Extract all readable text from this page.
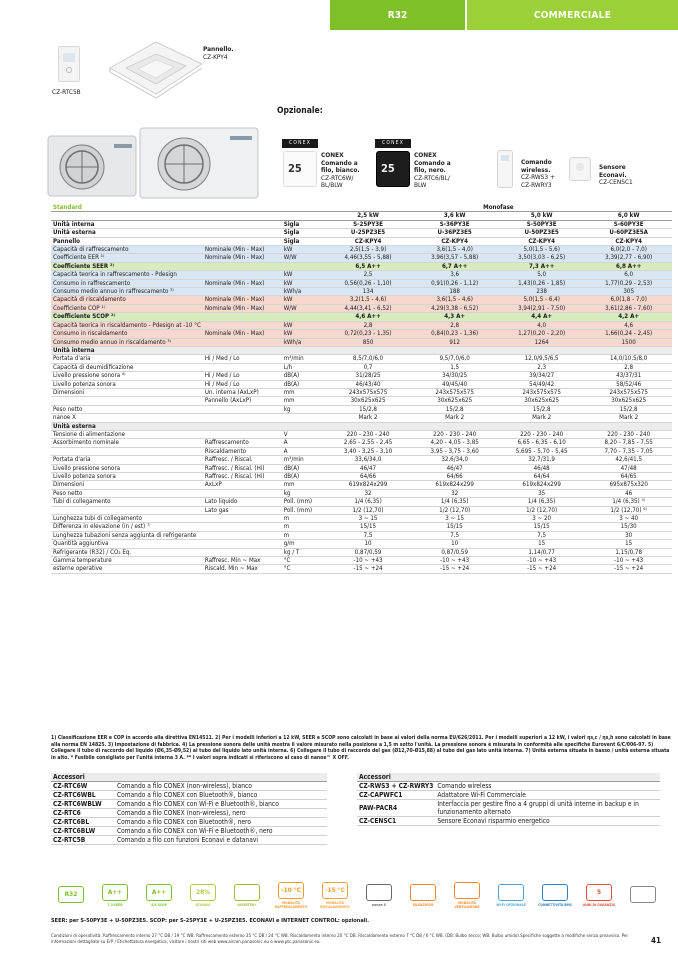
R32	COMMERCIALE
CZ-RTC5B
Pannello.
CZ-KPY4
Opzionale:
CONEX
25
CONEX
Comando a
filo, bianco.
CZ-RTC6W/
BL/BLW
CONEX
25
CONEX
Comando a
filo, nero.
CZ-RTC6/BL/
BLW
Comando
wireless.
CZ-RWS3 +
CZ-RWRY3
Sensore
Econavi.
CZ-CENSC1
Standard			Monofase			
			2,5 kW	3,6 kW	5,0 kW	6,0 kW
Unità interna		Sigla	S-25PY3E	S-36PY3E	S-50PY3E	S-60PY3E
Unità esterna		Sigla	U-25PZ3E5	U-36PZ3E5	U-50PZ3E5	U-60PZ3E5A
Pannello		Sigla	CZ-KPY4	CZ-KPY4	CZ-KPY4	CZ-KPY4
Capacità di raffrescamento	Nominale (Min - Max)	kW	2,5(1,5 - 3,9)	3,6(1,5 - 4,0)	5,0(1,5 - 5,6)	6,0(2,0 - 7,0)
Coefficiente EER ¹⁾	Nominale (Min - Max)	W/W	4,46(3,55 - 5,88)	3,96(3,57 - 5,88)	3,50(3,03 - 6,25)	3,39(2,77 - 6,90)
Coefficiente SEER ²⁾			6,5 A++	6,7 A++	7,3 A++	6,8 A++
Capacità teorica in raffrescamento - Pdesign		kW	2,5	3,6	5,0	6,0
Consumo in raffrescamento	Nominale (Min - Max)	kW	0,56(0,26 - 1,10)	0,91(0,26 - 1,12)	1,43(0,26 - 1,85)	1,77(0,29 - 2,53)
Consumo medio annuo in raffrescamento ³⁾		kWh/a	134	188	238	305
Capacità di riscaldamento	Nominale (Min - Max)	kW	3,2(1,5 - 4,6)	3,6(1,5 - 4,6)	5,0(1,5 - 6,4)	6,0(1,8 - 7,0)
Coefficiente COP ¹⁾	Nominale (Min - Max)	W/W	4,44(3,41 - 6,52)	4,29(3,38 - 6,52)	3,94(2,91 - 7,50)	3,61(2,86 - 7,60)
Coefficiente SCOP ²⁾			4,6 A++	4,3 A+	4,4 A+	4,2 A+
Capacità teorica in riscaldamento - Pdesign at -10 °C		kW	2,8	2,8	4,0	4,6
Consumo in riscaldamento	Nominale (Min - Max)	kW	0,72(0,23 - 1,35)	0,84(0,23 - 1,36)	1,27(0,20 - 2,20)	1,66(0,24 - 2,45)
Consumo medio annuo in riscaldamento ³⁾		kWh/a	850	912	1264	1500
Unità interna						
Portata d'aria	Hi / Med / Lo	m³/min	8,5/7,0/6,0	9,5/7,0/6,0	12,0/9,5/6,5	14,0/10,5/8,0
Capacità di deumidificazione		L/h	0,7	1,5	2,3	2,8
Livello pressione sonora ⁴⁾	Hi / Med / Lo	dB(A)	31/28/25	34/30/25	39/34/27	43/37/31
Livello potenza sonora	Hi / Med / Lo	dB(A)	46/43/40	49/45/40	54/49/42	58/52/46
Dimensioni	Un. interna (AxLxP)	mm	243x575x575	243x575x575	243x575x575	243x575x575
	Pannello (AxLxP)	mm	30x625x625	30x625x625	30x625x625	30x625x625
Peso netto		kg	15/2,8	15/2,8	15/2,8	15/2,8
nanoe X			Mark 2	Mark 2	Mark 2	Mark 2
Unità esterna						
Tensione di alimentazione		V	220 - 230 - 240	220 - 230 - 240	220 - 230 - 240	220 - 230 - 240
Assorbimento nominale	Raffrescamento	A	2,65 - 2,55 - 2,45	4,20 - 4,05 - 3,85	6,65 - 6,35 - 6,10	8,20 - 7,85 - 7,55
	Riscaldamento	A	3,40 - 3,25 - 3,10	3,95 - 3,75 - 3,60	5,695 - 5,70 - 5,45	7,70 - 7,35 - 7,05
Portata d'aria	Raffresc. / Riscal.	m³/min	33,6/34,0	32,6/34,0	32,7/31,9	42,6/41,5
Livello pressione sonora	Raffresc. / Riscal. (Hi)	dB(A)	46/47	46/47	46/48	47/48
Livello potenza sonora	Raffresc. / Riscal. (Hi)	dB(A)	64/66	64/66	64/64	64/65
Dimensioni	AxLxP	mm	619x824x299	619x824x299	619x824x299	695x875x320
Peso netto		kg	32	32	35	46
Tubi di collegamento	Lato liquido	Poll. (mm)	1/4 (6,35)	1/4 (6,35)	1/4 (6,35)	1/4 (6,35) ⁵⁾
	Lato gas	Poll. (mm)	1/2 (12,70)	1/2 (12,70)	1/2 (12,70)	1/2 (12,70) ⁶⁾
Lunghezza tubi di collegamento		m	3 ~ 15	3 ~ 15	3 ~ 20	3 ~ 40
Differenza in elevazione (in / est) ⁷⁾		m	15/15	15/15	15/15	15/30
Lunghezza tubazioni senza aggiunta di refrigerante		m	7,5	7,5	7,5	30
Quantità aggiuntiva		g/m	10	10	15	15
Refrigerante (R32) / CO₂ Eq.		kg / T	0,87/0,59	0,87/0,59	1,14/0,77	1,15/0,78
Gamma temperature	Raffresc. Min ~ Max	°C	-10 ~ +43	-10 ~ +43	-10 ~ +43	-10 ~ +43
esterne operative	Riscald. Min ~ Max	°C	-15 ~ +24	-15 ~ +24	-15 ~ +24	-15 ~ +24
1) Classificazione EER e COP in accordo alla direttiva EN14511. 2) Per i modelli inferiori a 12 kW, SEER e SCOP sono calcolati in base ai valori della norma EU/626/2011. Per i modelli superiori a 12 kW, i valori ηs,c / ηs,h sono calcolati in base alla norma EN 14825. 3) Impostazione di fabbrica. 4) La pressione sonora delle unità mostra il valore misurato nella posizione a 1,5 m sotto l'unità. La pressione sonora è misurata in conformità alle specifiche Eurovent 6/C/006-97. 5) Collegare il tubo di raccordo del liquido (Ø6,35-Ø9,52) al tubo del liquido lato unità interna. 6) Collegare il tubo di raccordo del gas (Ø12,70-Ø15,88) al tubo del gas lato unità interna. 7) Unità esterna situata in basso / unità esterna situata in alto. * Fusibile consigliato per l'unità interna 3 A. ** I valori sopra indicati si riferiscono al caso di nanoe™ X OFF.
Accessori	
CZ-RTC6W	Comando a filo CONEX (non-wireless), bianco
CZ-RTC6WBL	Comando a filo CONEX con Bluetooth®, bianco
CZ-RTC6WBLW	Comando a filo CONEX con Wi-Fi e Bluetooth®, bianco
CZ-RTC6	Comando a filo CONEX (non-wireless), nero
CZ-RTC6BL	Comando a filo CONEX con Bluetooth®, nero
CZ-RTC6BLW	Comando a filo CONEX con Wi-Fi e Bluetooth®, nero
CZ-RTC5B	Comando a filo con funzioni Econavi e datanavi
Accessori	
CZ-RWS3 + CZ-RWRY3	Comando wireless
CZ-CAPWFC1	Adattatore Wi-Fi Commerciale
PAW-PACR4	Interfaccia per gestire fino a 4 gruppi di unità interne in backup e in funzionamento alternato
CZ-CENSC1	Sensore Econavi risparmio energetico
R32	A++
7,3 SEER
A++
4,6 SCOP
28%
ECONAVI	INVERTER+
-10 °C
MODALITÀ RAFFRESCAMENTO
-15 °C
MODALITÀ RISCALDAMENTO	nanoe X	SILENZIOSO	MODALITÀ VENTILAZIONE	Wi-Fi OPZIONALE	CONNETTIVITÀ BMS
5
ANNI DI GARANZIA
SEER: per S-50PY3E + U-50PZ3E5. SCOP: per S-25PY3E + U-25PZ3E5. ECONAVI e INTERNET CONTROL: opzionali.
Condizioni di operatività: Raffrescamento interno 27 °C DB / 19 °C WB. Raffrescamento esterno 35 °C DB / 24 °C WB. Riscaldamento interno 20 °C DB. Riscaldamento esterno 7 °C DB / 6 °C WB. (DB: Bulbo secco; WB: Bulbo umido).Specifiche soggette a modifiche senza preavviso. Per informazioni dettagliate su ErP / Etichettatura energetica, visitare i nostri siti web www.aircon.panasonic.eu o www.ptc.panasonic.eu.	41
